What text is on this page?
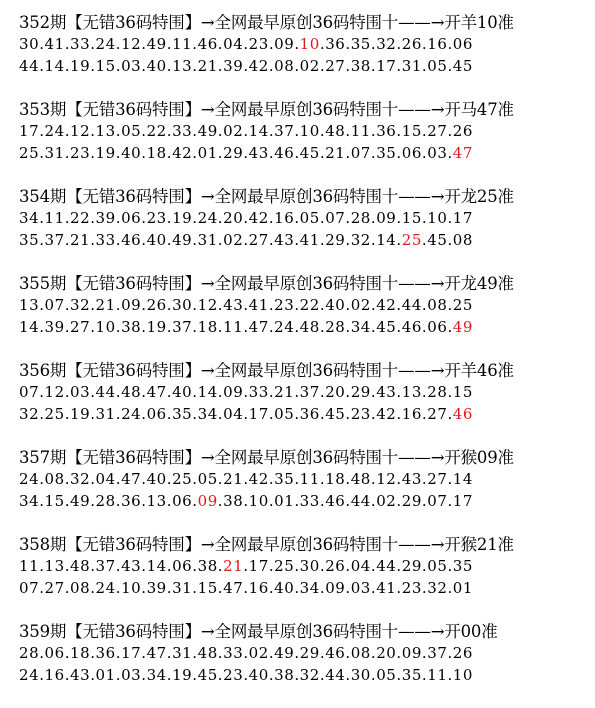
352期【无错36码特围】→全网最早原创36码特围十——→开羊10准
30.41.33.24.12.49.11.46.04.23.09.10.36.35.32.26.16.06
44.14.19.15.03.40.13.21.39.42.08.02.27.38.17.31.05.45
353期【无错36码特围】→全网最早原创36码特围十——→开马47准
17.24.12.13.05.22.33.49.02.14.37.10.48.11.36.15.27.26
25.31.23.19.40.18.42.01.29.43.46.45.21.07.35.06.03.47
354期【无错36码特围】→全网最早原创36码特围十——→开龙25准
34.11.22.39.06.23.19.24.20.42.16.05.07.28.09.15.10.17
35.37.21.33.46.40.49.31.02.27.43.41.29.32.14.25.45.08
355期【无错36码特围】→全网最早原创36码特围十——→开龙49准
13.07.32.21.09.26.30.12.43.41.23.22.40.02.42.44.08.25
14.39.27.10.38.19.37.18.11.47.24.48.28.34.45.46.06.49
356期【无错36码特围】→全网最早原创36码特围十——→开羊46准
07.12.03.44.48.47.40.14.09.33.21.37.20.29.43.13.28.15
32.25.19.31.24.06.35.34.04.17.05.36.45.23.42.16.27.46
357期【无错36码特围】→全网最早原创36码特围十——→开猴09准
24.08.32.04.47.40.25.05.21.42.35.11.18.48.12.43.27.14
34.15.49.28.36.13.06.09.38.10.01.33.46.44.02.29.07.17
358期【无错36码特围】→全网最早原创36码特围十——→开猴21准
11.13.48.37.43.14.06.38.21.17.25.30.26.04.44.29.05.35
07.27.08.24.10.39.31.15.47.16.40.34.09.03.41.23.32.01
359期【无错36码特围】→全网最早原创36码特围十——→开00准
28.06.18.36.17.47.31.48.33.02.49.29.46.08.20.09.37.26
24.16.43.01.03.34.19.45.23.40.38.32.44.30.05.35.11.10
